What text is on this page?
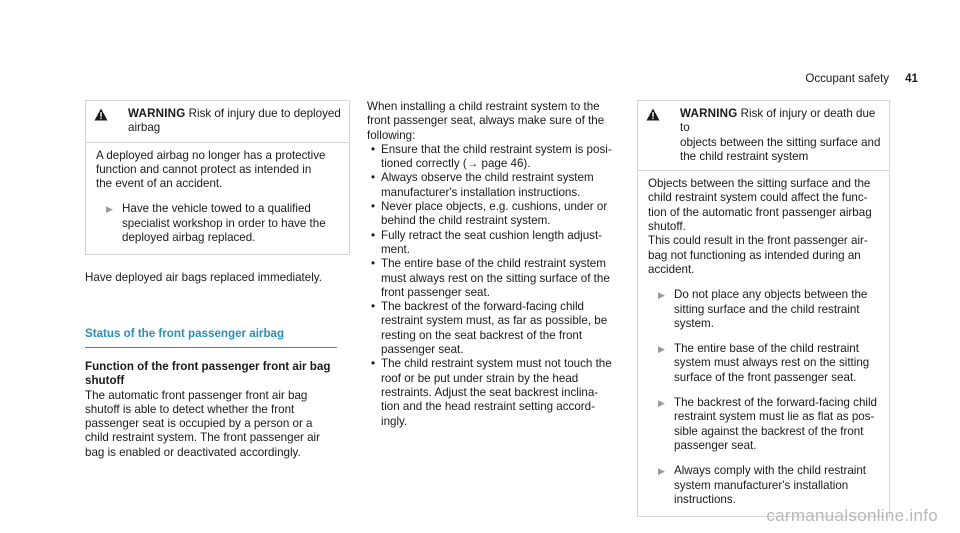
Occupant safety 41
WARNING Risk of injury due to deployed
airbag

A deployed airbag no longer has a protective
function and cannot protect as intended in
the event of an accident.

▶ Have the vehicle towed to a qualified
specialist workshop in order to have the
deployed airbag replaced.

Have deployed air bags replaced immediately.

Status of the front passenger airbag
Function of the front passenger front air bag
shutoff

The automatic front passenger front air bag
shutoff is able to detect whether the front
passenger seat is occupied by a person or a
child restraint system. The front passenger air
bag is enabled or deactivated accordingly.

When installing a child restraint system to the
front passenger seat, always make sure of the
following:

• Ensure that the child restraint system is posi-
tioned correctly (→ page 46).
• Always observe the child restraint system
manufacturer's installation instructions.
• Never place objects, e.g. cushions, under or
behind the child restraint system.
• Fully retract the seat cushion length adjust-
ment.
• The entire base of the child restraint system
must always rest on the sitting surface of the
front passenger seat.
• The backrest of the forward-facing child
restraint system must, as far as possible, be
resting on the seat backrest of the front
passenger seat.
• The child restraint system must not touch the
roof or be put under strain by the head
restraints. Adjust the seat backrest inclina-
tion and the head restraint setting accord-
ingly.
WARNING Risk of injury or death due to
objects between the sitting surface and
the child restraint system

Objects between the sitting surface and the
child restraint system could affect the func-
tion of the automatic front passenger airbag
shutoff.

This could result in the front passenger air-
bag not functioning as intended during an
accident.

▶ Do not place any objects between the
sitting surface and the child restraint
system.
▶ The entire base of the child restraint
system must always rest on the sitting
surface of the front passenger seat.
▶ The backrest of the forward-facing child
restraint system must lie as flat as pos-
sible against the backrest of the front
passenger seat.
▶ Always comply with the child restraint
system manufacturer's installation
instructions.
carmanualsonline.info
